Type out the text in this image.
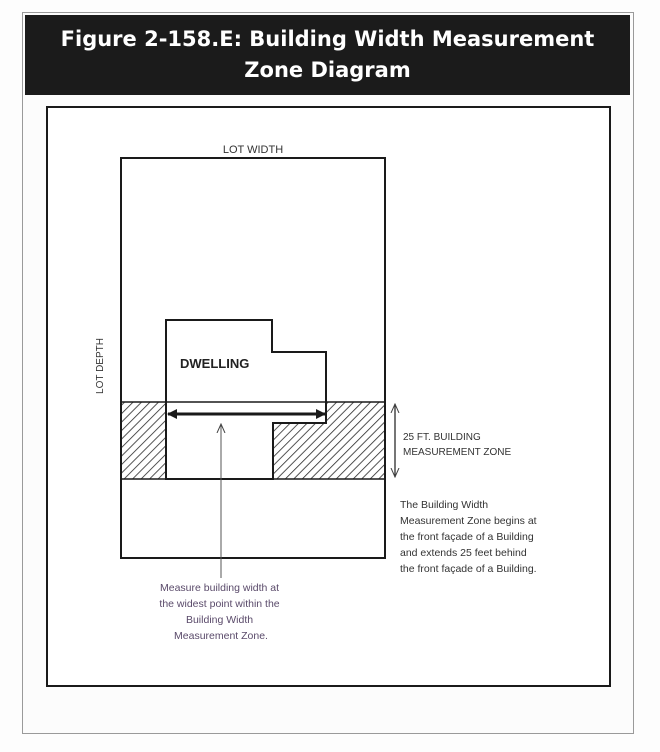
Figure 2-158.E: Building Width Measurement Zone Diagram
LOT WIDTH
LOT DEPTH	DWELLING
25 FT. BUILDING MEASUREMENT ZONE
The Building Width Measurement Zone begins at the front façade of a Building and extends 25 feet behind the front façade of a Building.
Measure building width at the widest point within the Building Width Measurement Zone.
